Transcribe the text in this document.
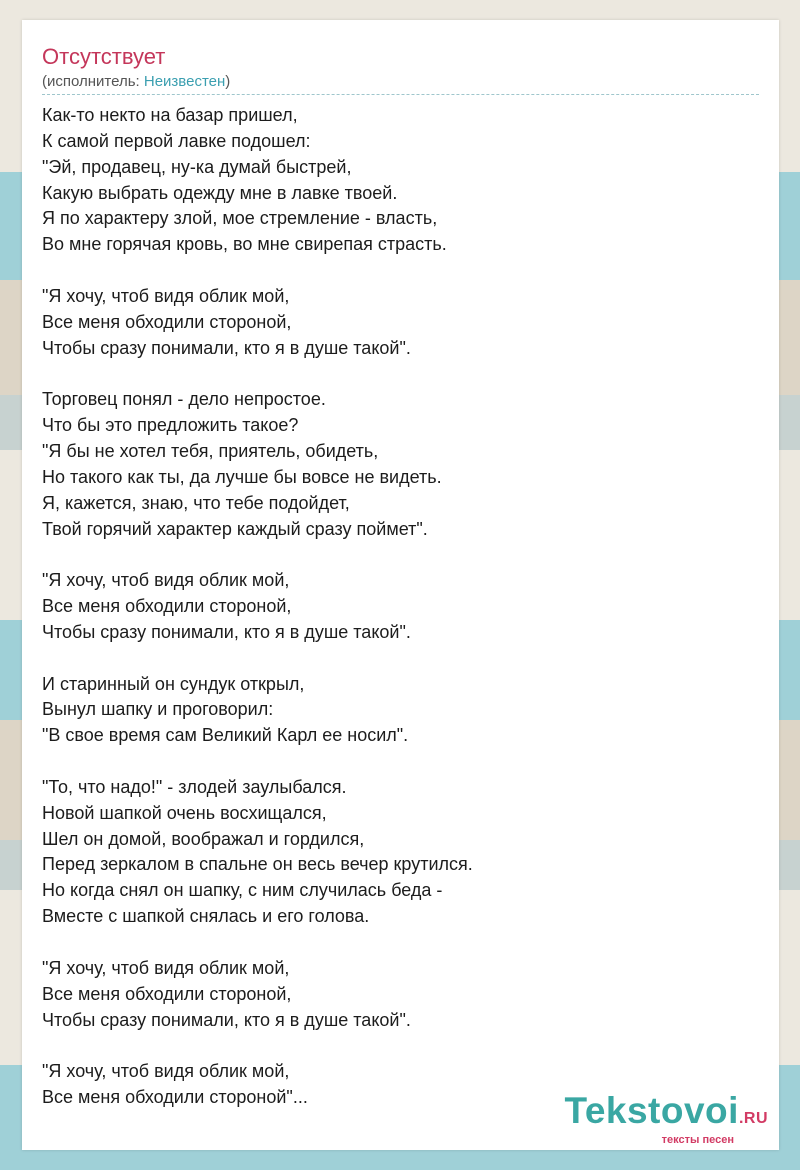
Отсутствует
(исполнитель: Неизвестен)
Как-то некто на базар пришел,
К самой первой лавке подошел:
"Эй, продавец, ну-ка думай быстрей,
Какую выбрать одежду мне в лавке твоей.
Я по характеру злой, мое стремление - власть,
Во мне горячая кровь, во мне свирепая страсть.
"Я хочу, чтоб видя облик мой,
Все меня обходили стороной,
Чтобы сразу понимали, кто я в душе такой".
Торговец понял - дело непростое.
Что бы это предложить такое?
"Я бы не хотел тебя, приятель, обидеть,
Но такого как ты, да лучше бы вовсе не видеть.
Я, кажется, знаю, что тебе подойдет,
Твой горячий характер каждый сразу поймет".
"Я хочу, чтоб видя облик мой,
Все меня обходили стороной,
Чтобы сразу понимали, кто я в душе такой".
И старинный он сундук открыл,
Вынул шапку и проговорил:
"В свое время сам Великий Карл ее носил".
"То, что надо!" - злодей заулыбался.
Новой шапкой очень восхищался,
Шел он домой, воображал и гордился,
Перед зеркалом в спальне он весь вечер крутился.
Но когда снял он шапку, с ним случилась беда -
Вместе с шапкой снялась и его голова.
"Я хочу, чтоб видя облик мой,
Все меня обходили стороной,
Чтобы сразу понимали, кто я в душе такой".
"Я хочу, чтоб видя облик мой,
Все меня обходили стороной"...	Tekstovoi.RU
тексты песен
